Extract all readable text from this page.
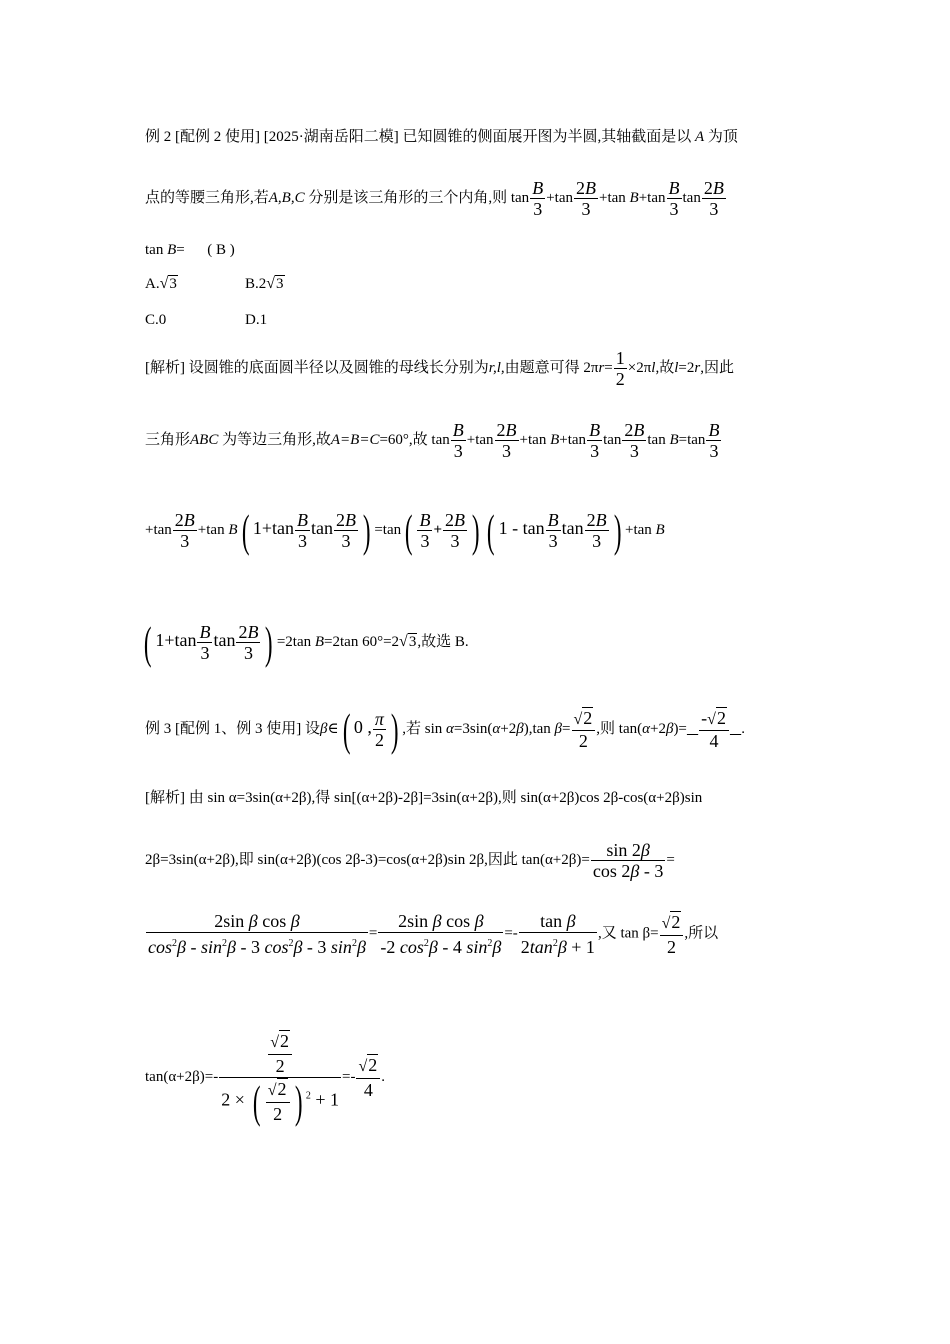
例 2 [配例 2 使用] [2025·湖南岳阳二模] 已知圆锥的侧面展开图为半圆,其轴截面是以 A 为顶
点的等腰三角形,若A,B,C 分别是该三角形的三个内角,则 $\tan \frac{B}{3} +\tan \frac{2B}{3} +\tan$ $B+\tan \frac{B}{3}$ $\tan \frac{2B}{3}$
tan B=      ( B )
A.√3	B.2√3
C.0	D.1
[解析] 设圆锥的底面圆半径以及圆锥的母线长分别为r,l,由题意可得 $2\pi r= \frac{1}{2} \times 2\pi l$,故l=2r,因此
三角形ABC 为等边三角形,故A=B=C=60°,故 $\tan \frac{B}{3} +\tan \frac{2B}{3} +\tan$ $B+\tan \frac{B}{3}$ $\tan \frac{2B}{3}$ $\tan B=\tan \frac{B}{3}$
$+\tan \frac{2B}{3} +\tan$ B( $1+\tan \frac{B}{3}$ $\tan \frac{2B}{3}$ ) $=\tan( \frac{B}{3} + \frac{2B}{3}$ ) ( $1 - \tan \frac{B}{3}$ $\tan \frac{2B}{3}$ ) +tan B
( $1+\tan \frac{B}{3}$ $\tan \frac{2B}{3}$ ) =2tan B=2tan 60°=2√3,故选 B.
例 3 [配例 1、例 3 使用] 设β∈( 0 , $\frac{\pi}{2}$ ) ,若 sin α=3sin(α+2β),tan $\beta= \frac{√2}{2}$ ,则 $\tan(\alpha+2\beta)= \frac{-√2}{4}$ .
[解析] 由 sin α=3sin(α+2β),得 sin[(α+2β)-2β]=3sin(α+2β),则 sin(α+2β)cos 2β-cos(α+2β)sin
2β=3sin(α+2β),即 sin(α+2β)(cos 2β-3)=cos(α+2β)sin 2β,因此 $\tan(\alpha+2\beta)= \frac{\sin 2\beta}{\cos 2\beta - 3}$ =
$\frac{\text{2sin β cos β}}{\cos^2\beta - \sin^2\beta - 3 \cos^2\beta - 3 \sin^2\beta} = \frac{\text{2sin β cos β}}{-2 \cos^2\beta - 4 \sin^2\beta} =- \frac{\text{tan β}}{2\tan^2\beta + 1}$ ,又 $\tan \beta= \frac{√2}{2}$ ,所以
$\tan(\alpha+2\beta)=- \frac{\frac{√2}{2}}{2 \times ( \frac{√2}{2} ) ^2 + 1} =- \frac{√2}{4}$ .
